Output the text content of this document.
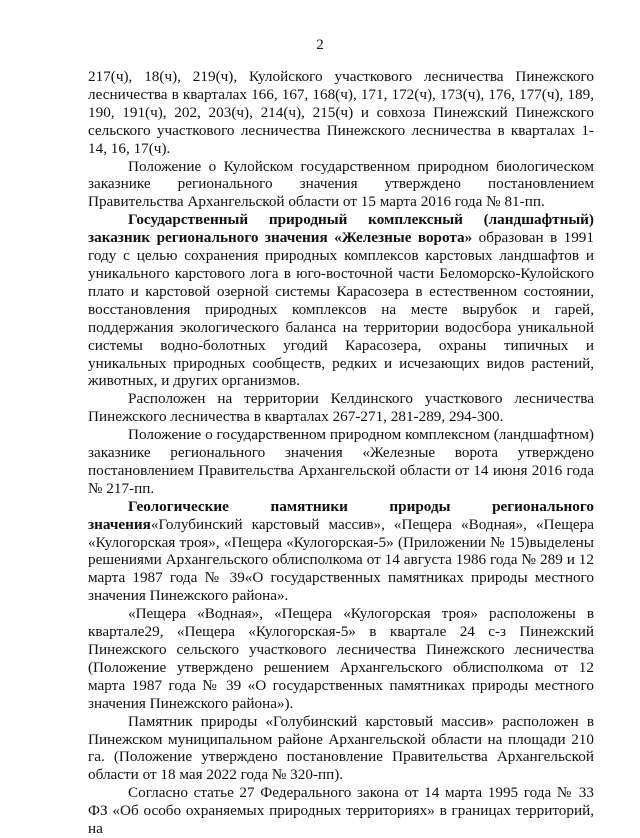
2

217(ч), 18(ч), 219(ч), Кулойского участкового лесничества Пинежского лесничества в кварталах 166, 167, 168(ч), 171, 172(ч), 173(ч), 176, 177(ч), 189, 190, 191(ч), 202, 203(ч), 214(ч), 215(ч) и совхоза Пинежский Пинежского сельского участкового лесничества Пинежского лесничества в кварталах 1-14, 16, 17(ч).

Положение о Кулойском государственном природном биологическом заказнике регионального значения утверждено постановлением Правительства Архангельской области от 15 марта 2016 года № 81-пп.

Государственный природный комплексный (ландшафтный) заказник регионального значения «Железные ворота» образован в 1991 году с целью сохранения природных комплексов карстовых ландшафтов и уникального карстового лога в юго-восточной части Беломорско-Кулойского плато и карстовой озерной системы Карасозера в естественном состоянии, восстановления природных комплексов на месте вырубок и гарей, поддержания экологического баланса на территории водосбора уникальной системы водно-болотных угодий Карасозера, охраны типичных и уникальных природных сообществ, редких и исчезающих видов растений, животных, и других организмов.

Расположен на территории Келдинского участкового лесничества Пинежского лесничества в кварталах 267-271, 281-289, 294-300.

Положение о государственном природном комплексном (ландшафтном) заказнике регионального значения «Железные ворота утверждено постановлением Правительства Архангельской области от 14 июня 2016 года № 217-пп.

Геологические памятники природы регионального значения«Голубинский карстовый массив», «Пещера «Водная», «Пещера «Кулогорская троя», «Пещера «Кулогорская-5» (Приложении № 15)выделены решениями Архангельского облисполкома от 14 августа 1986 года № 289 и 12 марта 1987 года № 39«О государственных памятниках природы местного значения Пинежского района».

«Пещера «Водная», «Пещера «Кулогорская троя» расположены в квартале29, «Пещера «Кулогорская-5» в квартале 24 с-з Пинежский Пинежского сельского участкового лесничества Пинежского лесничества (Положение утверждено решением Архангельского облисполкома от 12 марта 1987 года № 39 «О государственных памятниках природы местного значения Пинежского района»).

Памятник природы «Голубинский карстовый массив» расположен в Пинежском муниципальном районе Архангельской области на площади 210 га. (Положение утверждено постановление Правительства Архангельской области от 18 мая 2022 года № 320-пп).

Согласно статье 27 Федерального закона от 14 марта 1995 года № 33 ФЗ «Об особо охраняемых природных территориях» в границах территорий, на
